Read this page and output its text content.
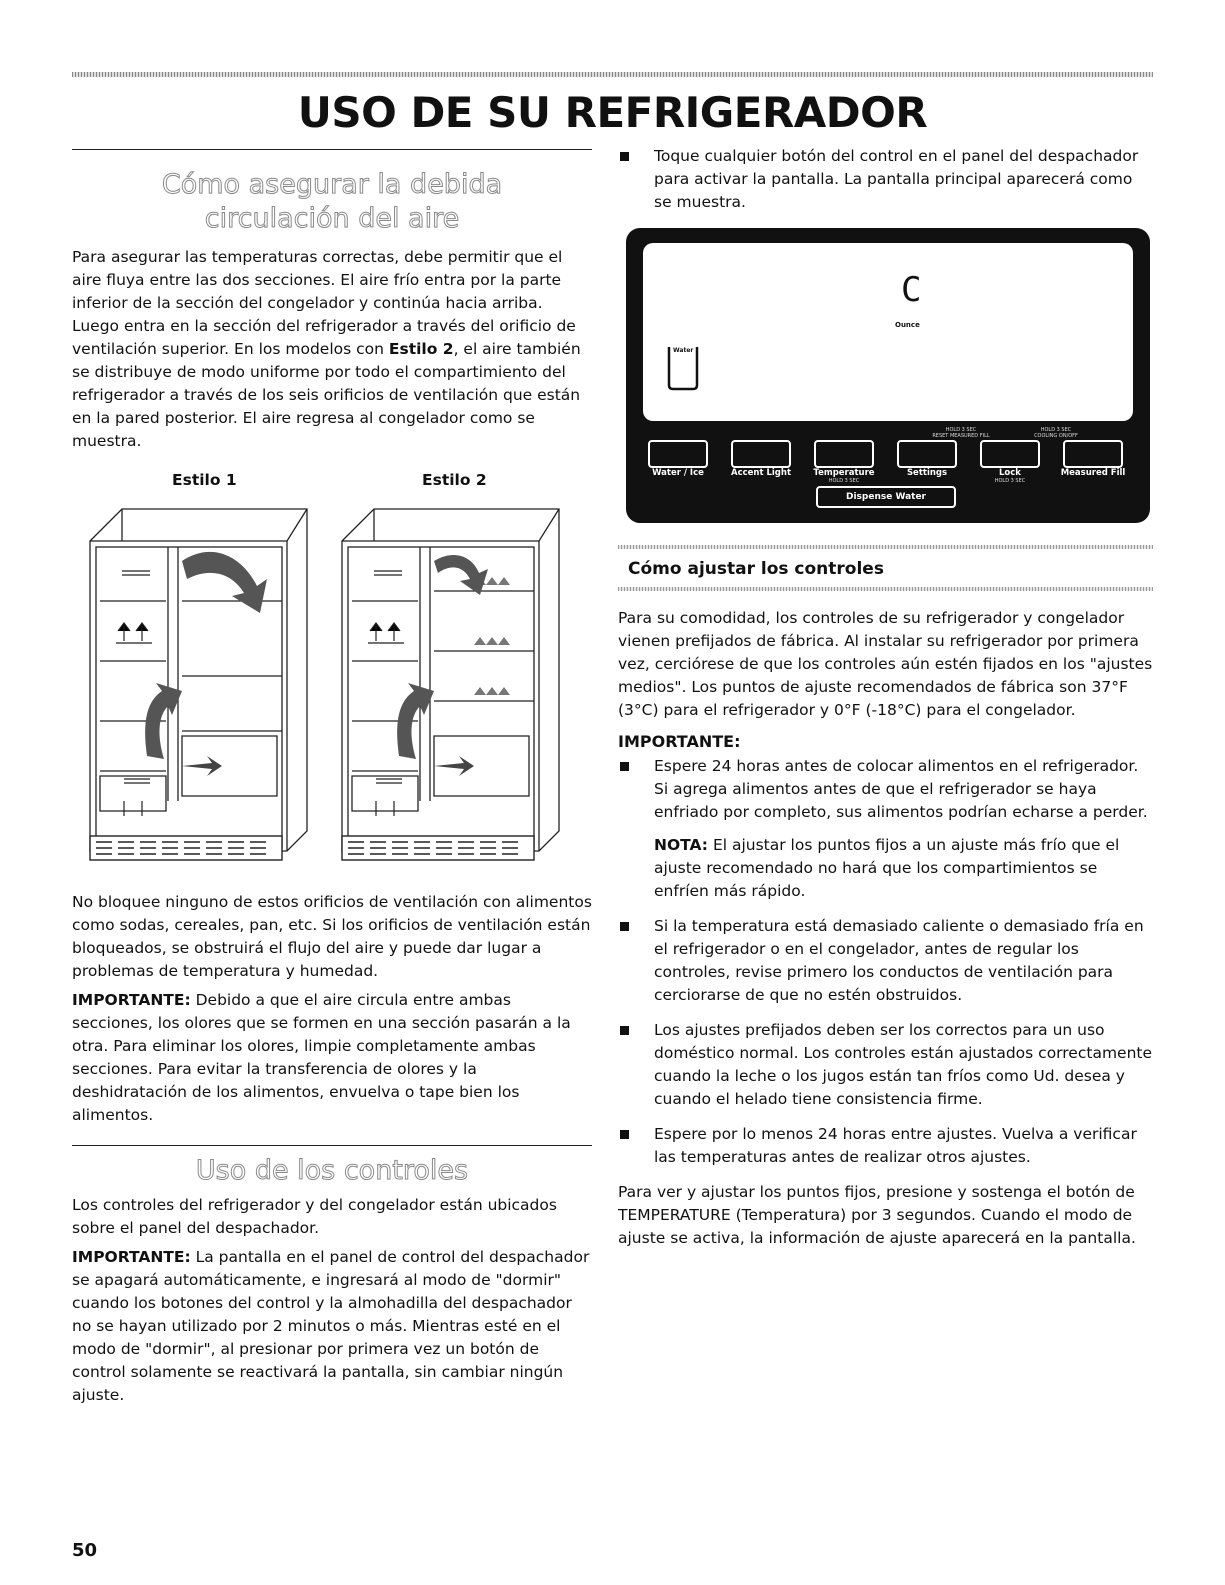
USO DE SU REFRIGERADOR
Cómo asegurar la debida circulación del aire

Para asegurar las temperaturas correctas, debe permitir que el aire fluya entre las dos secciones. El aire frío entra por la parte inferior de la sección del congelador y continúa hacia arriba. Luego entra en la sección del refrigerador a través del orificio de ventilación superior. En los modelos con Estilo 2, el aire también se distribuye de modo uniforme por todo el compartimiento del refrigerador a través de los seis orificios de ventilación que están en la pared posterior. El aire regresa al congelador como se muestra.

Estilo 1	Estilo 2

No bloquee ninguno de estos orificios de ventilación con alimentos como sodas, cereales, pan, etc. Si los orificios de ventilación están bloqueados, se obstruirá el flujo del aire y puede dar lugar a problemas de temperatura y humedad.

IMPORTANTE: Debido a que el aire circula entre ambas secciones, los olores que se formen en una sección pasarán a la otra. Para eliminar los olores, limpie completamente ambas secciones. Para evitar la transferencia de olores y la deshidratación de los alimentos, envuelva o tape bien los alimentos.

Uso de los controles

Los controles del refrigerador y del congelador están ubicados sobre el panel del despachador.

IMPORTANTE: La pantalla en el panel de control del despachador se apagará automáticamente, e ingresará al modo de "dormir" cuando los botones del control y la almohadilla del despachador no se hayan utilizado por 2 minutos o más. Mientras esté en el modo de "dormir", al presionar por primera vez un botón de control solamente se reactivará la pantalla, sin cambiar ningún ajuste.

Toque cualquier botón del control en el panel del despachador para activar la pantalla. La pantalla principal aparecerá como se muestra.

C
Ounce
Water
HOLD 3 SEC
RESET MEASURED FILL
HOLD 3 SEC
COOLING ON/OFF
Water / Ice	Accent Light	Temperature	Settings	Lock	Measured Fill
HOLD 3 SEC	HOLD 3 SEC
Dispense Water
Cómo ajustar los controles

Para su comodidad, los controles de su refrigerador y congelador vienen prefijados de fábrica. Al instalar su refrigerador por primera vez, cerciórese de que los controles aún estén fijados en los "ajustes medios". Los puntos de ajuste recomendados de fábrica son 37°F (3°C) para el refrigerador y 0°F (-18°C) para el congelador.

IMPORTANTE:

Espere 24 horas antes de colocar alimentos en el refrigerador. Si agrega alimentos antes de que el refrigerador se haya enfriado por completo, sus alimentos podrían echarse a perder.

NOTA: El ajustar los puntos fijos a un ajuste más frío que el ajuste recomendado no hará que los compartimientos se enfríen más rápido.

Si la temperatura está demasiado caliente o demasiado fría en el refrigerador o en el congelador, antes de regular los controles, revise primero los conductos de ventilación para cerciorarse de que no estén obstruidos.

Los ajustes prefijados deben ser los correctos para un uso doméstico normal. Los controles están ajustados correctamente cuando la leche o los jugos están tan fríos como Ud. desea y cuando el helado tiene consistencia firme.

Espere por lo menos 24 horas entre ajustes. Vuelva a verificar las temperaturas antes de realizar otros ajustes.

Para ver y ajustar los puntos fijos, presione y sostenga el botón de TEMPERATURE (Temperatura) por 3 segundos. Cuando el modo de ajuste se activa, la información de ajuste aparecerá en la pantalla.

50
